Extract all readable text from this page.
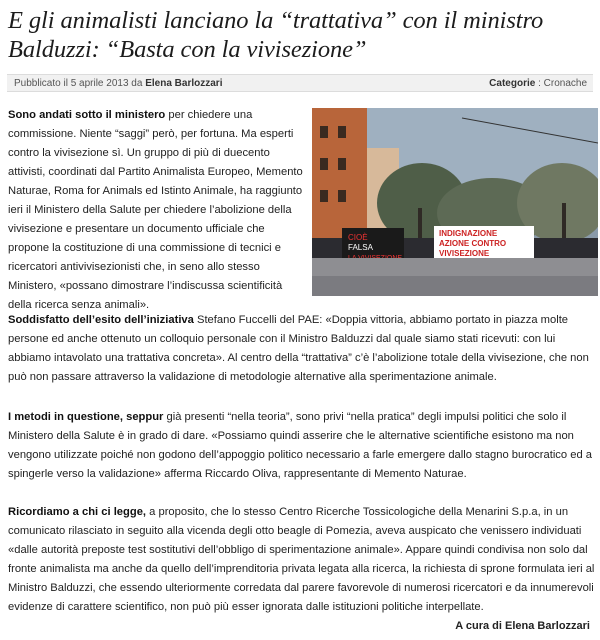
E gli animalisti lanciano la “trattativa” con il ministro Balduzzi: “Basta con la vivisezione”
Pubblicato il 5 aprile 2013 da Elena Barlozzari	Categorie : Cronache
CIOÈ
FALSA
INDIGNAZIONE
AZIONE CONTRO
VIVISEZIONE

Sono andati sotto il ministero per chiedere una commissione. Niente “saggi” però, per fortuna. Ma esperti contro la vivisezione sì. Un gruppo di più di duecento attivisti, coordinati dal Partito Animalista Europeo, Memento Naturae, Roma for Animals ed Istinto Animale, ha raggiunto ieri il Ministero della Salute per chiedere l’abolizione della vivisezione e presentare un documento ufficiale che propone la costituzione di una commissione di tecnici e ricercatori antivivisezionisti che, in seno allo stesso Ministero, «possano dimostrare l’indiscussa scientificità della ricerca senza animali».

Soddisfatto dell’esito dell’iniziativa Stefano Fuccelli del PAE: «Doppia vittoria, abbiamo portato in piazza molte persone ed anche ottenuto un colloquio personale con il Ministro Balduzzi dal quale siamo stati ricevuti: con lui abbiamo intavolato una trattativa concreta». Al centro della “trattativa” c’è l’abolizione totale della vivisezione, che non può non passare attraverso la validazione di metodologie alternative alla sperimentazione animale.

I metodi in questione, seppur già presenti “nella teoria”, sono privi “nella pratica” degli impulsi politici che solo il Ministero della Salute è in grado di dare. «Possiamo quindi asserire che le alternative scientifiche esistono ma non vengono utilizzate poiché non godono dell’appoggio politico necessario a farle emergere dallo stagno burocratico ed a spingerle verso la validazione» afferma Riccardo Oliva, rappresentante di Memento Naturae.

Ricordiamo a chi ci legge, a proposito, che lo stesso Centro Ricerche Tossicologiche della Menarini S.p.a, in un comunicato rilasciato in seguito alla vicenda degli otto beagle di Pomezia, aveva auspicato che venissero individuati «dalle autorità preposte test sostitutivi dell’obbligo di sperimentazione animale». Appare quindi condivisa non solo dal fronte animalista ma anche da quello dell’imprenditoria privata legata alla ricerca, la richiesta di sprone formulata ieri al Ministro Balduzzi, che essendo ulteriormente corredata dal parere favorevole di numerosi ricercatori e da innumerevoli evidenze di carattere scientifico, non può più esser ignorata dalle istituzioni politiche interpellate.

A cura di Elena Barlozzari
